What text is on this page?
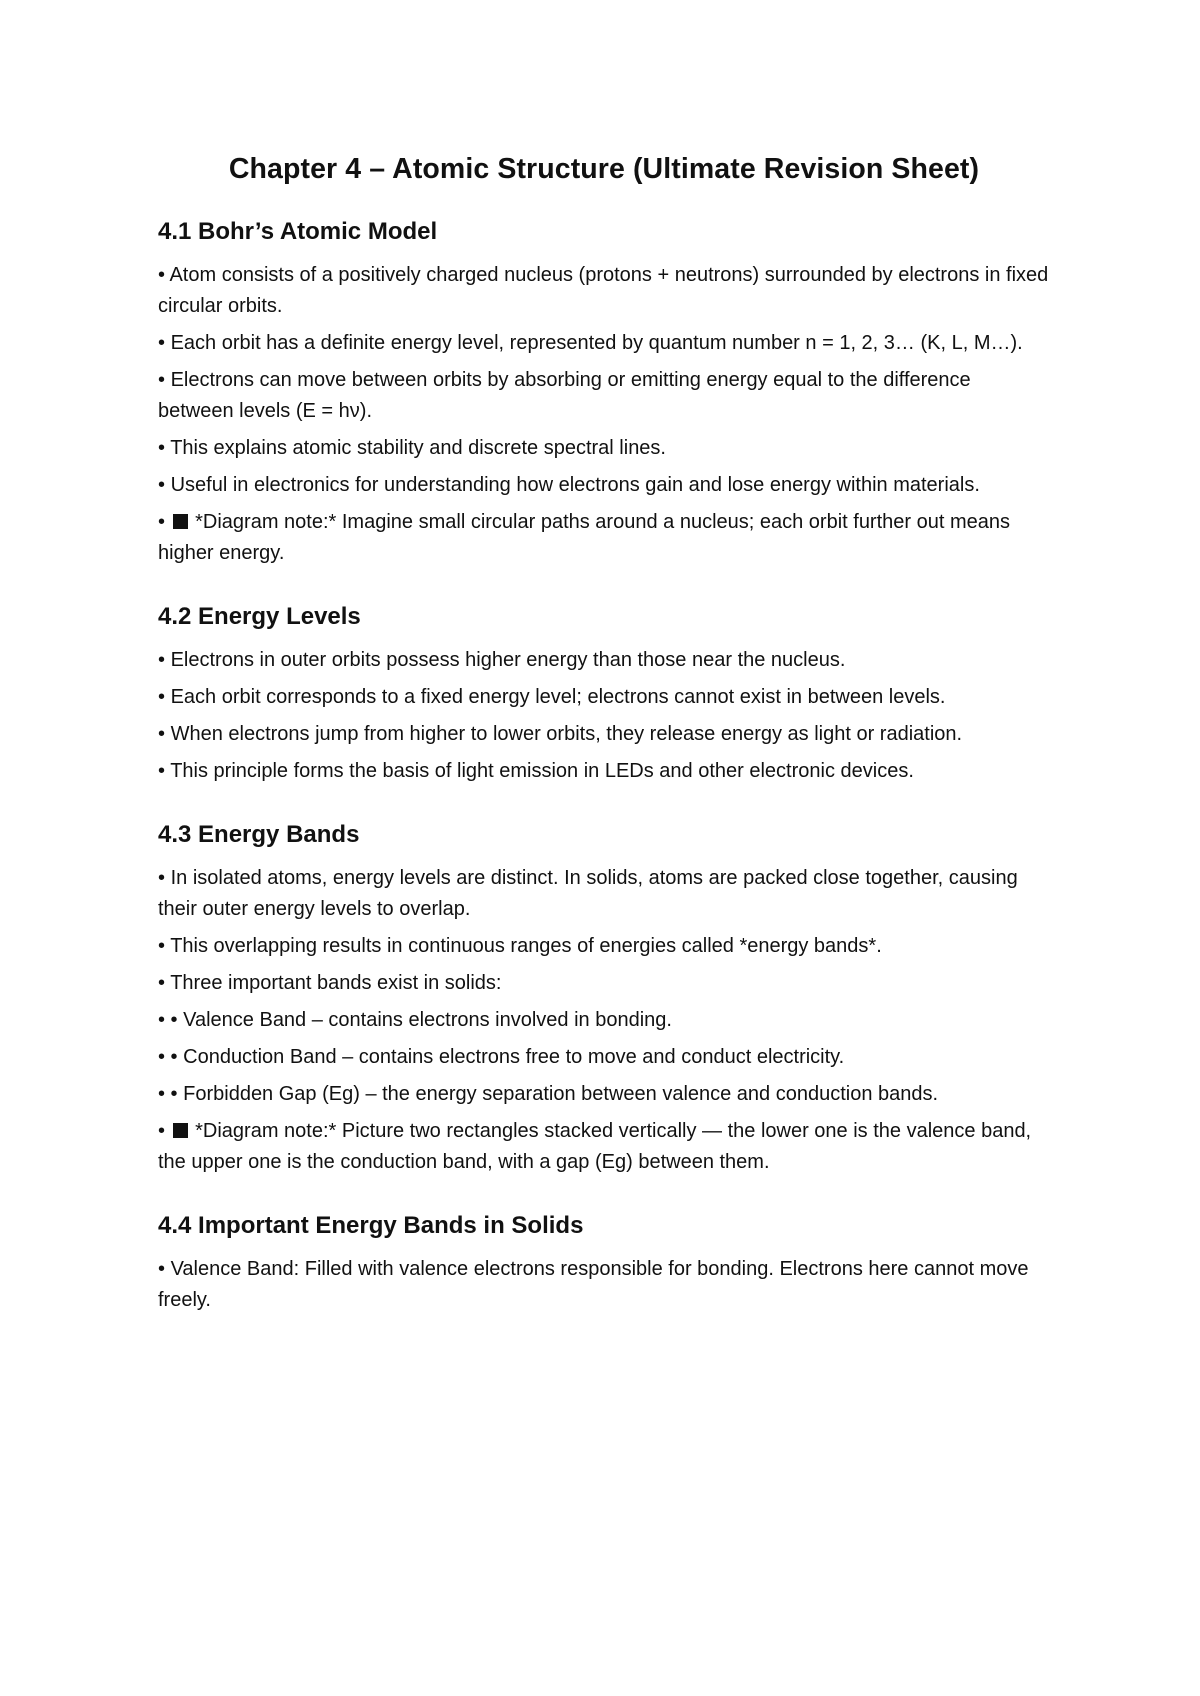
Chapter 4 – Atomic Structure (Ultimate Revision Sheet)
4.1 Bohr’s Atomic Model

• Atom consists of a positively charged nucleus (protons + neutrons) surrounded by electrons in fixed circular orbits.

• Each orbit has a definite energy level, represented by quantum number n = 1, 2, 3… (K, L, M…).

• Electrons can move between orbits by absorbing or emitting energy equal to the difference between levels (E = hν).

• This explains atomic stability and discrete spectral lines.

• Useful in electronics for understanding how electrons gain and lose energy within materials.

• *Diagram note:* Imagine small circular paths around a nucleus; each orbit further out means higher energy.

4.2 Energy Levels

• Electrons in outer orbits possess higher energy than those near the nucleus.

• Each orbit corresponds to a fixed energy level; electrons cannot exist in between levels.

• When electrons jump from higher to lower orbits, they release energy as light or radiation.

• This principle forms the basis of light emission in LEDs and other electronic devices.

4.3 Energy Bands

• In isolated atoms, energy levels are distinct. In solids, atoms are packed close together, causing their outer energy levels to overlap.

• This overlapping results in continuous ranges of energies called *energy bands*.

• Three important bands exist in solids:

• • Valence Band – contains electrons involved in bonding.

• • Conduction Band – contains electrons free to move and conduct electricity.

• • Forbidden Gap (Eg) – the energy separation between valence and conduction bands.

• *Diagram note:* Picture two rectangles stacked vertically — the lower one is the valence band, the upper one is the conduction band, with a gap (Eg) between them.

4.4 Important Energy Bands in Solids

• Valence Band: Filled with valence electrons responsible for bonding. Electrons here cannot move freely.
